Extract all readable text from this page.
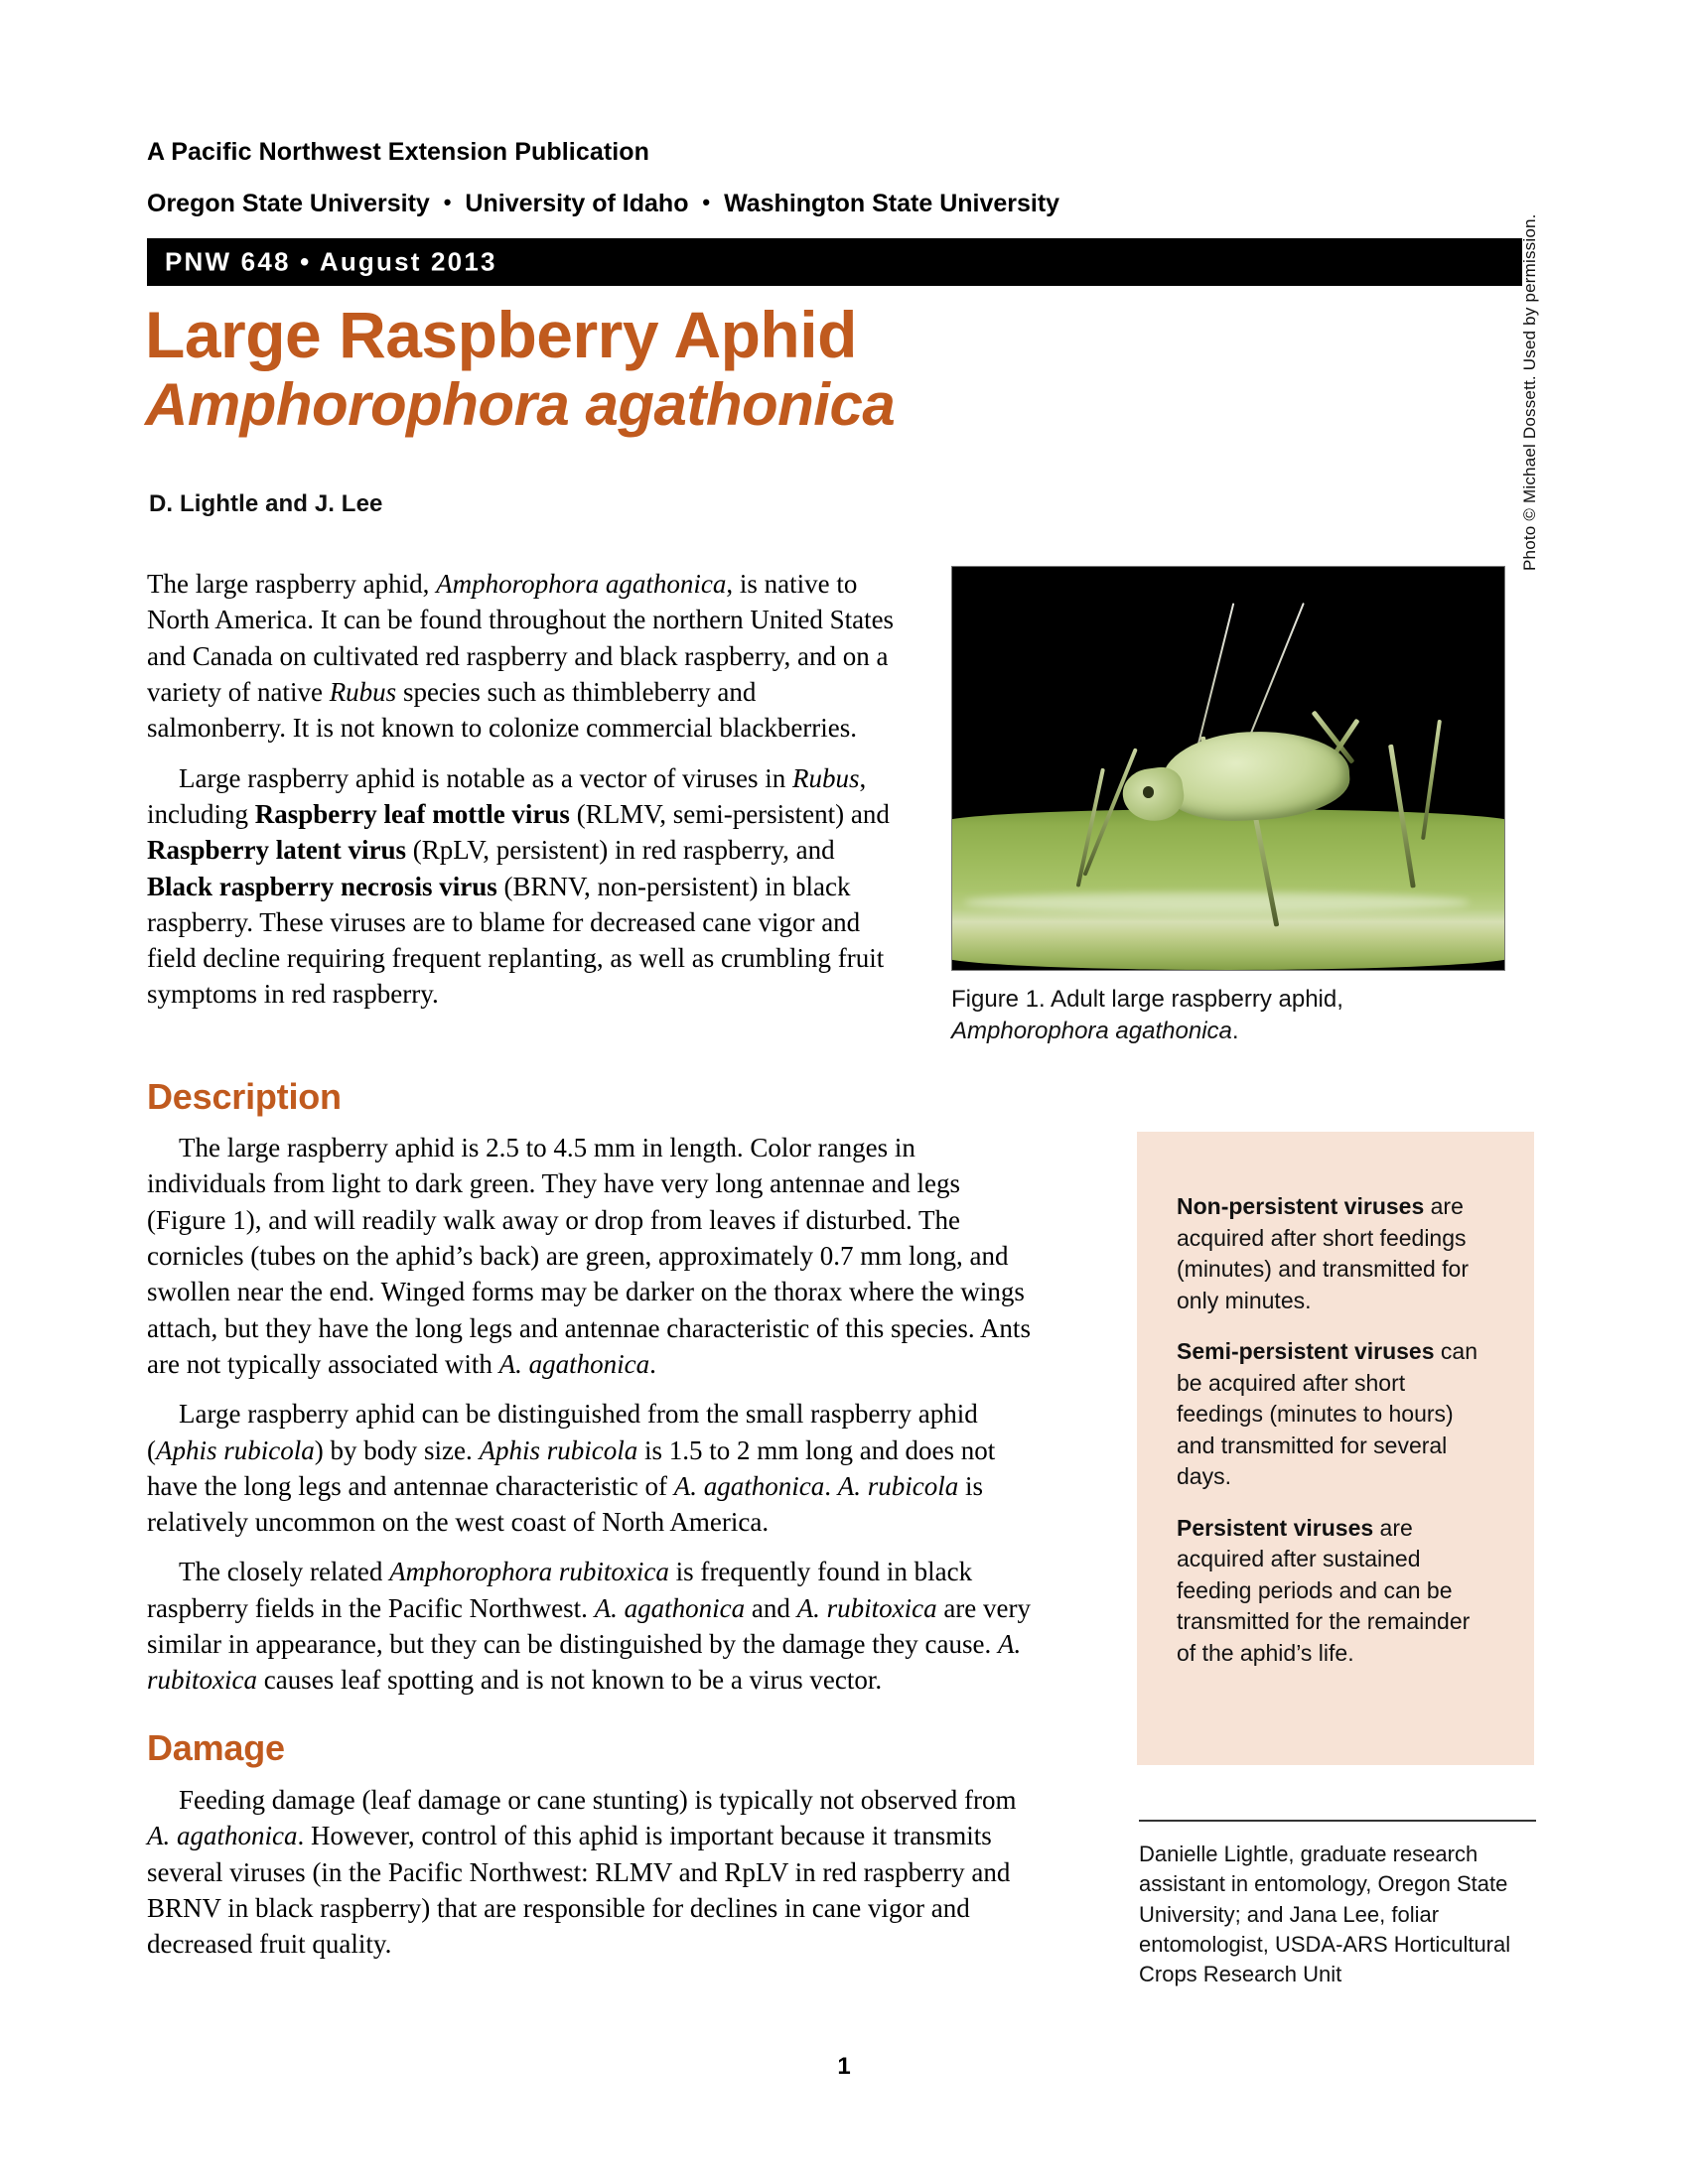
A Pacific Northwest Extension Publication
Oregon State University • University of Idaho • Washington State University
PNW 648 • August 2013
Large Raspberry Aphid
Amphorophora agathonica
D. Lightle and J. Lee

The large raspberry aphid, Amphorophora agathonica, is native to North America. It can be found throughout the northern United States and Canada on cultivated red raspberry and black raspberry, and on a variety of native Rubus species such as thimbleberry and salmonberry. It is not known to colonize commercial blackberries.

Large raspberry aphid is notable as a vector of viruses in Rubus, including Raspberry leaf mottle virus (RLMV, semi-persistent) and Raspberry latent virus (RpLV, persistent) in red raspberry, and Black raspberry necrosis virus (BRNV, non-persistent) in black raspberry. These viruses are to blame for decreased cane vigor and field decline requiring frequent replanting, as well as crumbling fruit symptoms in red raspberry.	Figure 1. Adult large raspberry aphid, Amphorophora agathonica.
Photo © Michael Dossett. Used by permission.
Description

The large raspberry aphid is 2.5 to 4.5 mm in length. Color ranges in individuals from light to dark green. They have very long antennae and legs (Figure 1), and will readily walk away or drop from leaves if disturbed. The cornicles (tubes on the aphid’s back) are green, approximately 0.7 mm long, and swollen near the end. Winged forms may be darker on the thorax where the wings attach, but they have the long legs and antennae characteristic of this species. Ants are not typically associated with A. agathonica.

Large raspberry aphid can be distinguished from the small raspberry aphid (Aphis rubicola) by body size. Aphis rubicola is 1.5 to 2 mm long and does not have the long legs and antennae characteristic of A. agathonica. A. rubicola is relatively uncommon on the west coast of North America.

The closely related Amphorophora rubitoxica is frequently found in black raspberry fields in the Pacific Northwest. A. agathonica and A. rubitoxica are very similar in appearance, but they can be distinguished by the damage they cause. A. rubitoxica causes leaf spotting and is not known to be a virus vector.

Damage

Feeding damage (leaf damage or cane stunting) is typically not observed from A. agathonica. However, control of this aphid is important because it transmits several viruses (in the Pacific Northwest: RLMV and RpLV in red raspberry and BRNV in black raspberry) that are responsible for declines in cane vigor and decreased fruit quality.

Non-persistent viruses are acquired after short feedings (minutes) and transmitted for only minutes.

Semi-persistent viruses can be acquired after short feedings (minutes to hours) and transmitted for several days.

Persistent viruses are acquired after sustained feeding periods and can be transmitted for the remainder of the aphid’s life.

Danielle Lightle, graduate research assistant in entomology, Oregon State University; and Jana Lee, foliar entomologist, USDA-ARS Horticultural Crops Research Unit
1
